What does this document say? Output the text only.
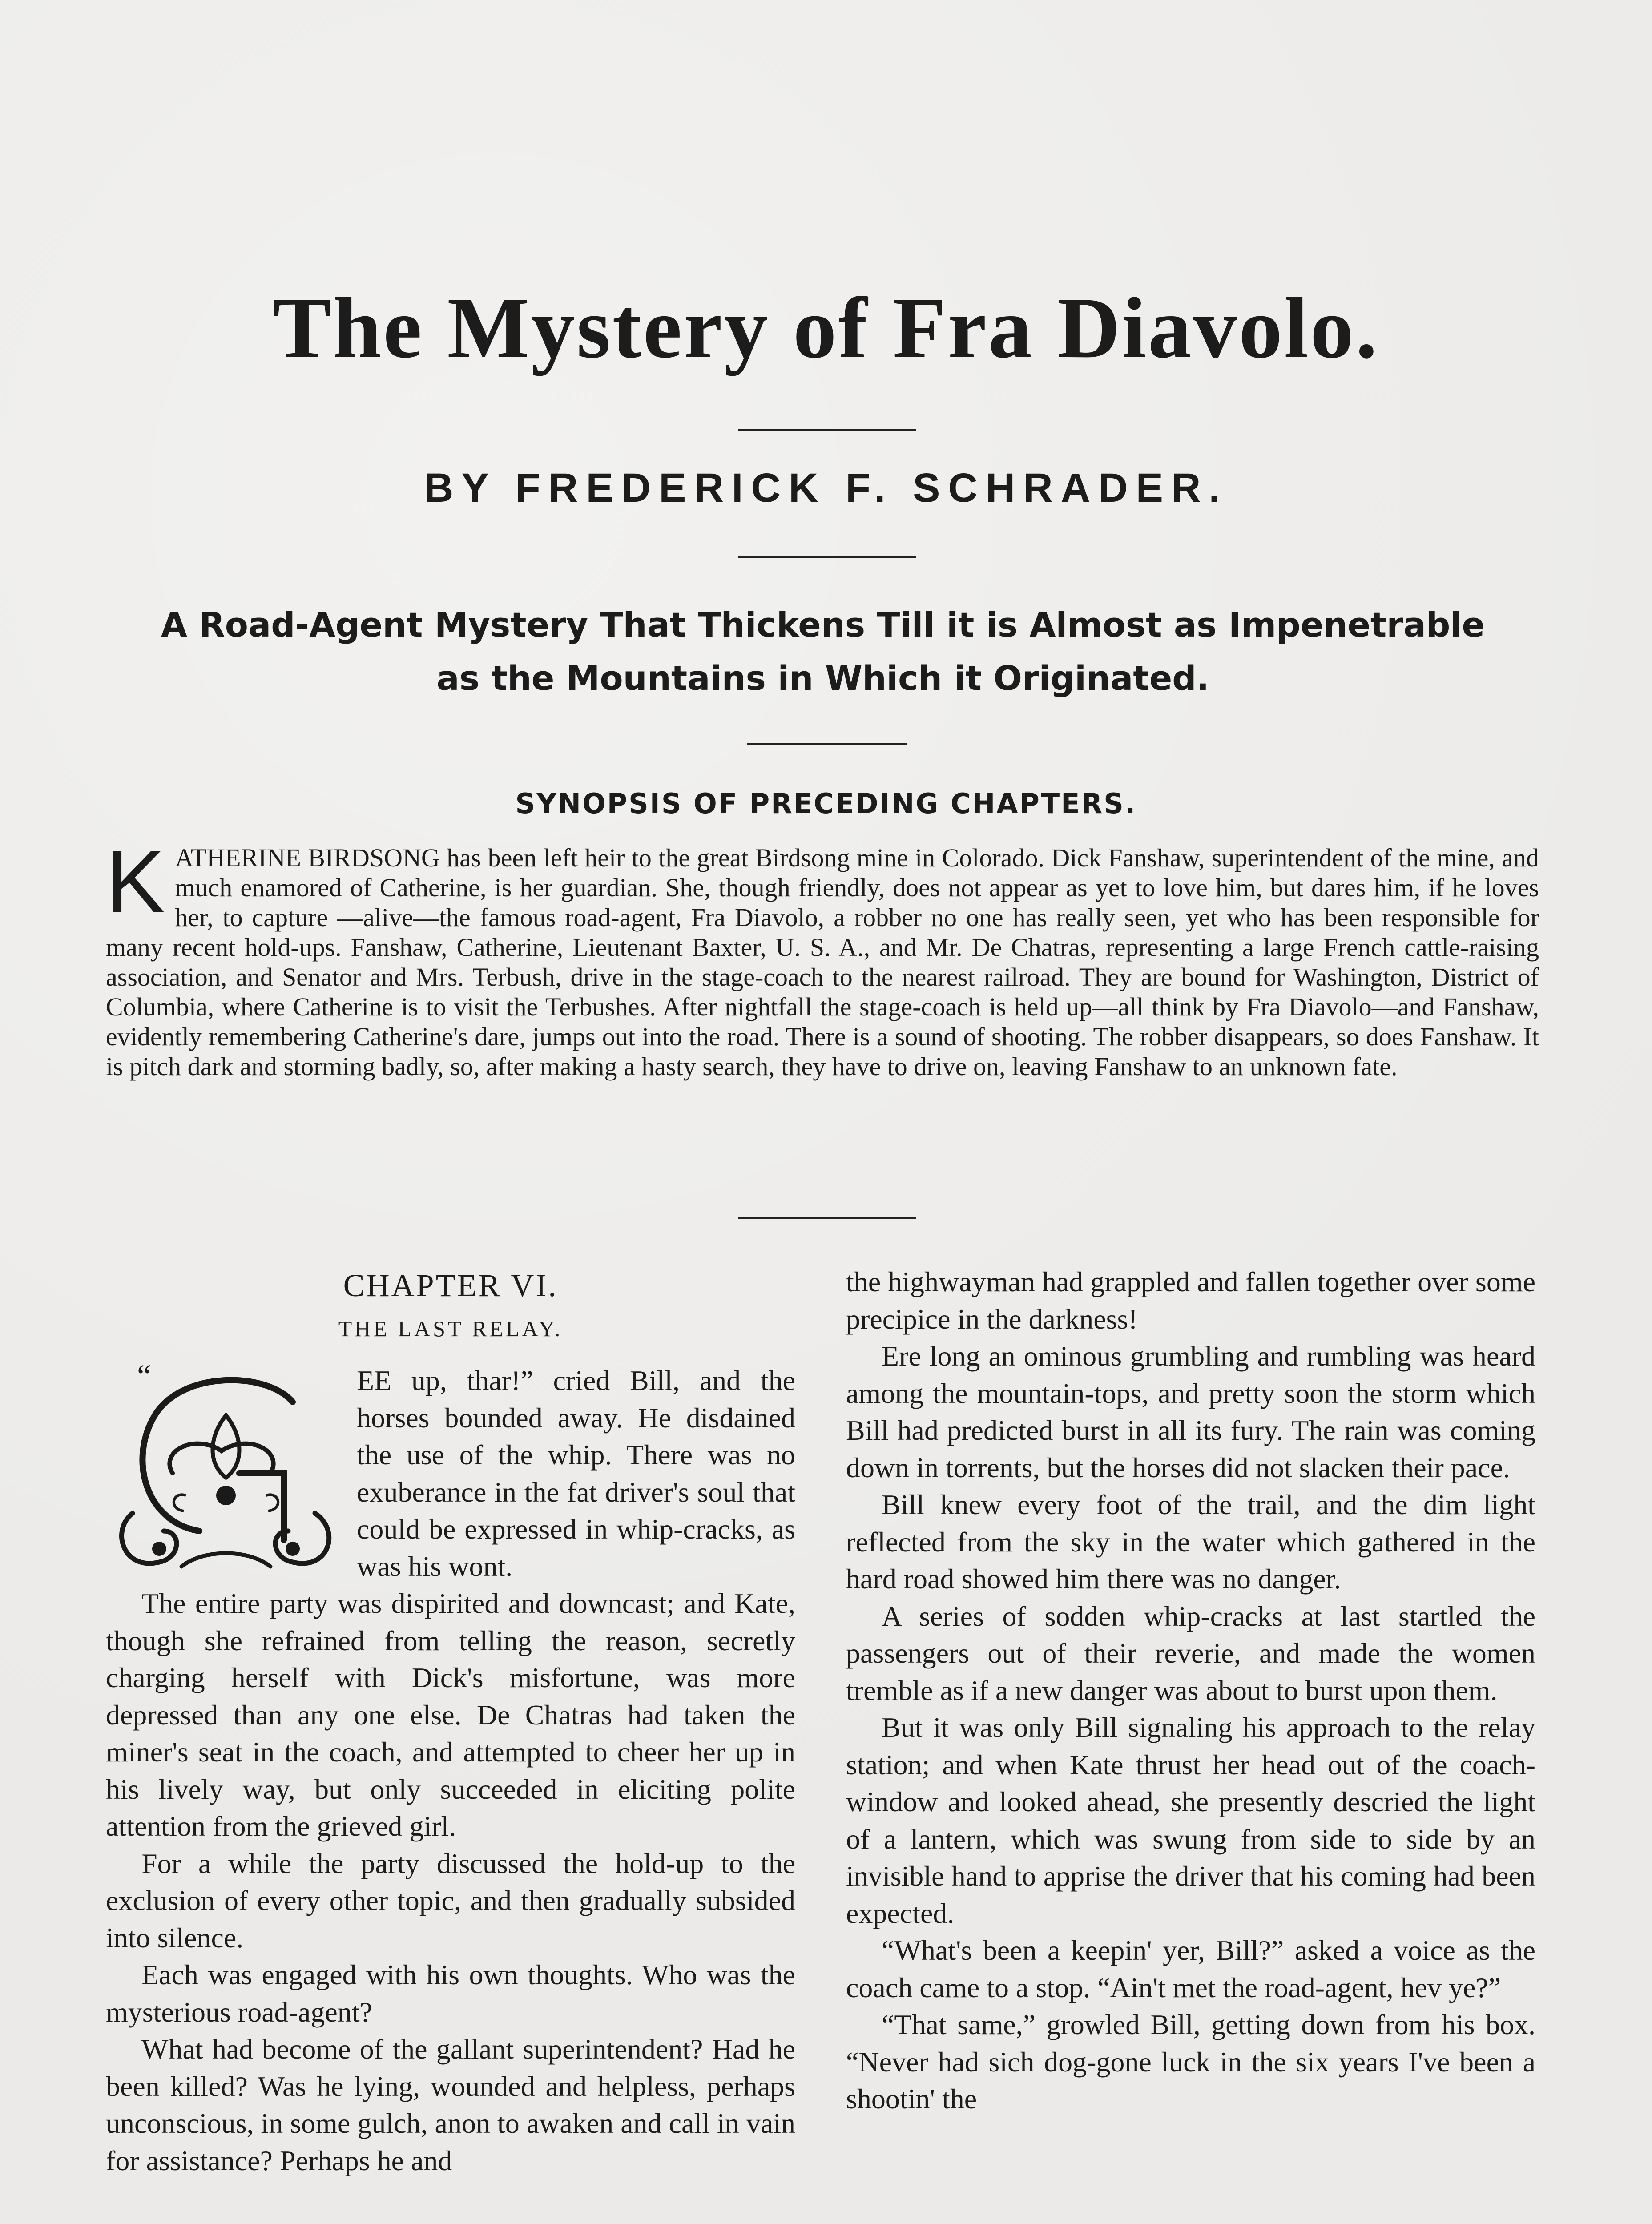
The Mystery of Fra Diavolo.
BY FREDERICK F. SCHRADER.
A Road-Agent Mystery That Thickens Till it is Almost as Impenetrable
as the Mountains in Which it Originated.
SYNOPSIS OF PRECEDING CHAPTERS.
K ATHERINE BIRDSONG has been left heir to the great Birdsong mine in Colorado. Dick Fanshaw, superintendent of the mine, and much enamored of Catherine, is her guardian. She, though friendly, does not appear as yet to love him, but dares him, if he loves her, to capture —alive—the famous road-agent, Fra Diavolo, a robber no one has really seen, yet who has been responsible for many recent hold-ups. Fanshaw, Catherine, Lieutenant Baxter, U. S. A., and Mr. De Chatras, representing a large French cattle-raising association, and Senator and Mrs. Terbush, drive in the stage-coach to the nearest railroad. They are bound for Washington, District of Columbia, where Catherine is to visit the Terbushes. After nightfall the stage-coach is held up—all think by Fra Diavolo—and Fanshaw, evidently remembering Catherine's dare, jumps out into the road. There is a sound of shooting. The robber disappears, so does Fanshaw. It is pitch dark and storming badly, so, after making a hasty search, they have to drive on, leaving Fanshaw to an unknown fate.
CHAPTER VI.
THE LAST RELAY.
“	EE up, thar!” cried Bill, and the horses bounded away. He disdained the use of the whip. There was no exuberance in the fat driver's soul that could be expressed in whip-cracks, as was his wont.

The entire party was dispirited and downcast; and Kate, though she refrained from telling the reason, secretly charging herself with Dick's misfortune, was more depressed than any one else. De Chatras had taken the miner's seat in the coach, and attempted to cheer her up in his lively way, but only succeeded in eliciting polite attention from the grieved girl.

For a while the party discussed the hold-up to the exclusion of every other topic, and then gradually subsided into silence.

Each was engaged with his own thoughts. Who was the mysterious road-agent?

What had become of the gallant superintendent? Had he been killed? Was he lying, wounded and helpless, perhaps unconscious, in some gulch, anon to awaken and call in vain for assistance? Perhaps he and

the highwayman had grappled and fallen together over some precipice in the darkness!

Ere long an ominous grumbling and rumbling was heard among the mountain-tops, and pretty soon the storm which Bill had predicted burst in all its fury. The rain was coming down in torrents, but the horses did not slacken their pace.

Bill knew every foot of the trail, and the dim light reflected from the sky in the water which gathered in the hard road showed him there was no danger.

A series of sodden whip-cracks at last startled the passengers out of their reverie, and made the women tremble as if a new danger was about to burst upon them.

But it was only Bill signaling his approach to the relay station; and when Kate thrust her head out of the coach-window and looked ahead, she presently descried the light of a lantern, which was swung from side to side by an invisible hand to apprise the driver that his coming had been expected.

“What's been a keepin' yer, Bill?” asked a voice as the coach came to a stop. “Ain't met the road-agent, hev ye?”

“That same,” growled Bill, getting down from his box. “Never had sich dog-gone luck in the six years I've been a shootin' the
